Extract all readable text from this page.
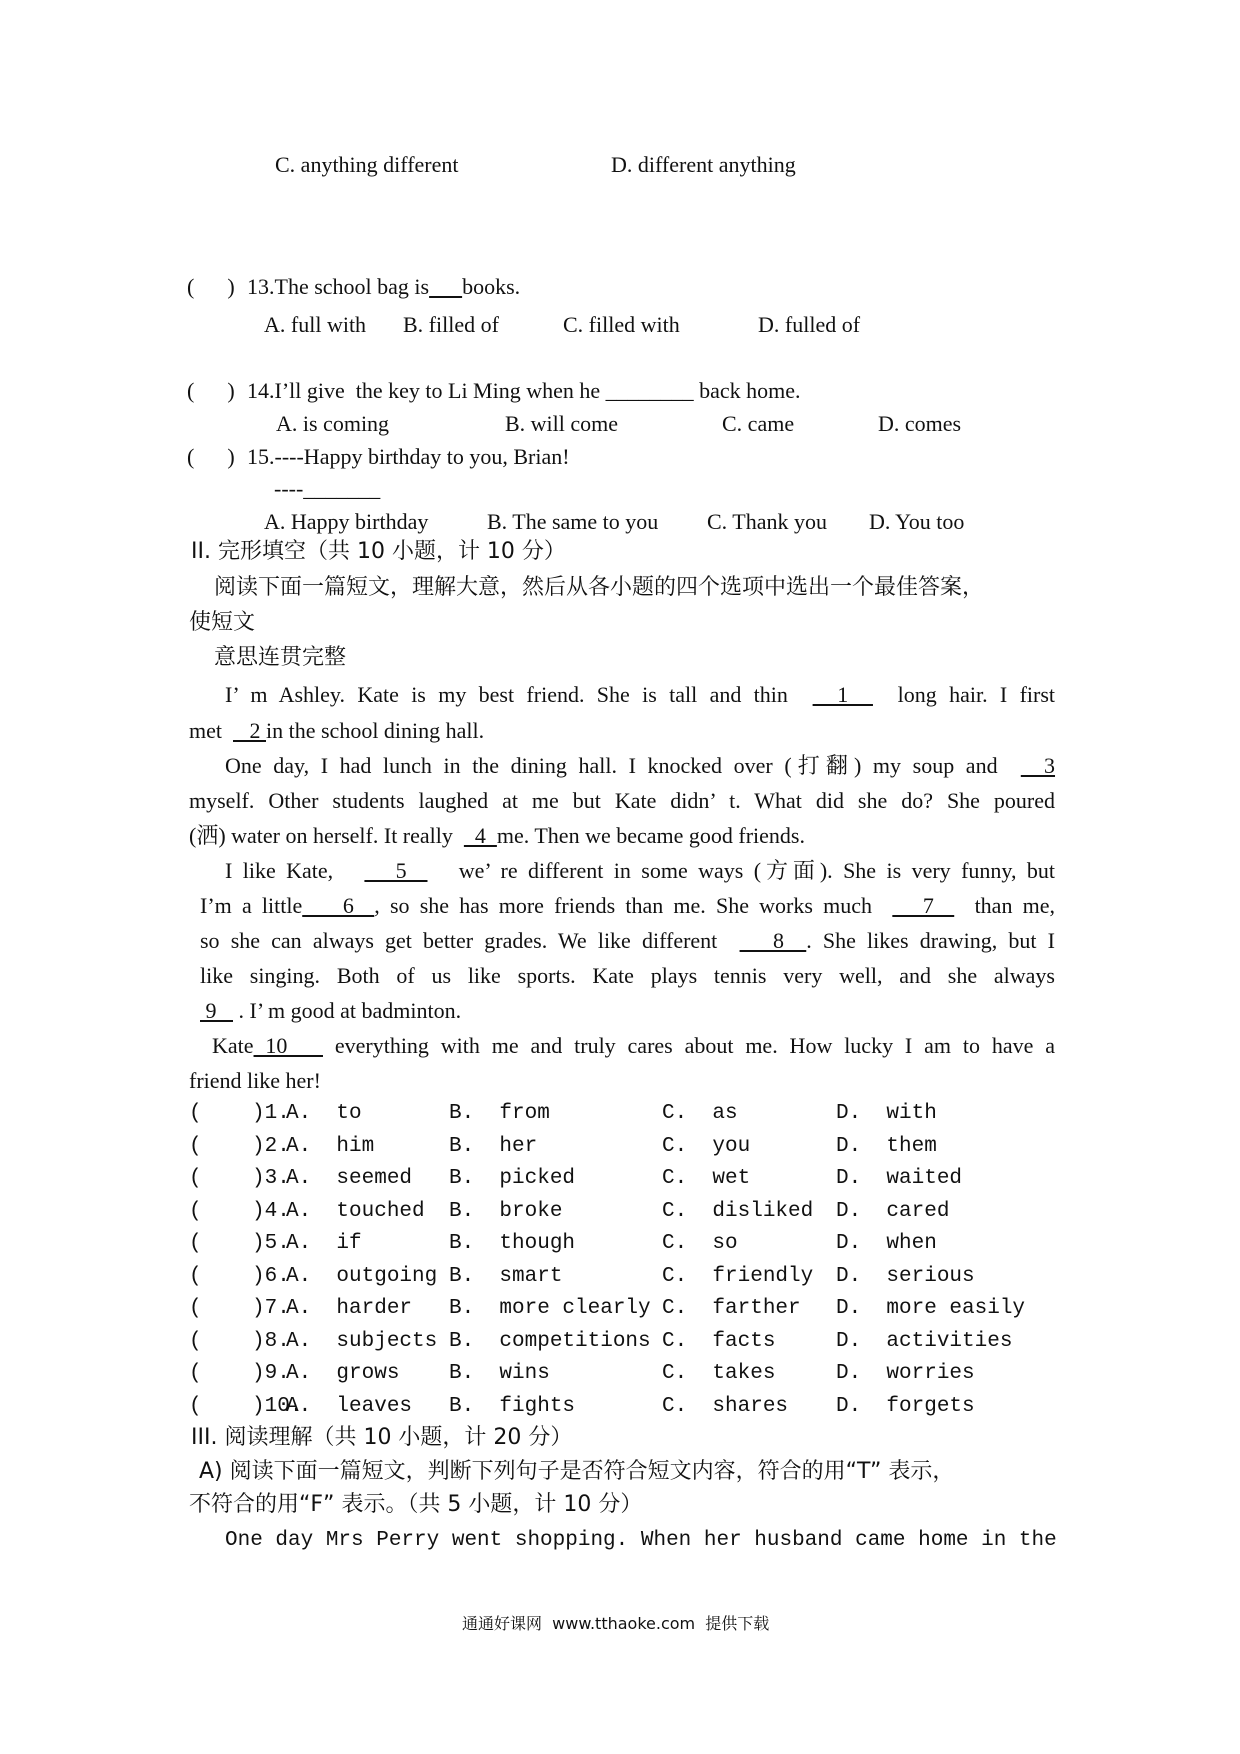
C. anything different	D. different anything
(      ) 13.The school bag is books.
A. full with B. filled of	C. filled with	D. fulled of
(      ) 14.I’ll give  the key to Li Ming when he ________ back home.
A. is coming	B. will come	C. came	D. comes
(      ) 15.----Happy birthday to you, Brian!
----_______
A. Happy birthday	B. The same to you C. Thank you D. You too
II. 完形填空（共 10 小题，计 10 分）
阅读下面一篇短文，理解大意，然后从各小题的四个选项中选出一个最佳答案，
使短文
意思连贯完整
I’ m Ashley. Kate is my best friend. She is tall and thin    1    long hair. I first
met     2 in the school dining hall.
One day, I had lunch in the dining hall. I knocked over (打翻) my soup and    3
myself. Other students laughed at me but Kate didn’ t. What did she do? She poured
(洒) water on herself. It really    4  me. Then we became good friends.
I like Kate,      5     we’ re different in some ways (方面). She is very funny, but
I’m a little    6  , so she has more friends than me. She works much     7    than me,
so she can always get better grades. We like different     8  . She likes drawing, but I
like singing. Both of us like sports. Kate plays tennis very well, and she always
9    . I’ m good at badminton.
Kate 10    everything with me and truly cares about me. How lucky I am to have a
friend like her!
(    )1.
A.  to	B.  from	C.  as	D.  with
(    )2.
A.  him	B.  her	C.  you	D.  them
(    )3.
A.  seemed B.  picked	C.  wet	D.  waited
(    )4.
A.  touched B.  broke	C.  disliked D.  cared
(    )5.
A.  if	B.  though	C.  so	D.  when
(    )6.
A.  outgoing B.  smart	C.  friendly D.  serious
(    )7.
A.  harder B.  more clearly C.  farther D.  more easily
(    )8.
A.  subjects B.  competitions C.  facts	D.  activities
(    )9.
A.  grows B.  wins	C.  takes	D.  worries
(    )10.
A.  leaves B.  fights	C.  shares D.  forgets
III. 阅读理解（共 10 小题，计 20 分）
A) 阅读下面一篇短文，判断下列句子是否符合短文内容，符合的用“T” 表示，
不符合的用“F” 表示。（共 5 小题，计 10 分）
One day Mrs Perry went shopping. When her husband came home in the
通通好课网  www.tthaoke.com  提供下载
